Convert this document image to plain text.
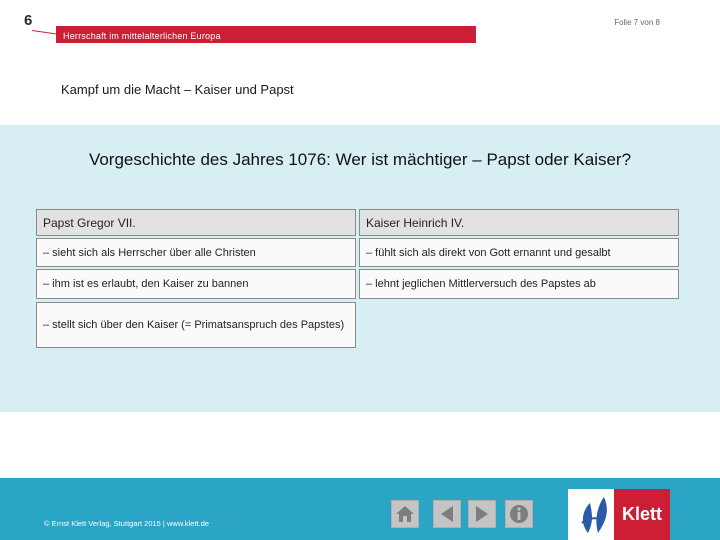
6
Herrschaft im mittelalterlichen Europa
Folie 7 von 8
Kampf um die Macht – Kaiser und Papst
Vorgeschichte des Jahres 1076: Wer ist mächtiger – Papst oder Kaiser?
Papst Gregor VII.	Kaiser Heinrich IV.
– sieht sich als Herrscher über alle Christen	– fühlt sich als direkt von Gott ernannt und gesalbt
– ihm ist es erlaubt, den Kaiser zu bannen	– lehnt jeglichen Mittlerversuch des Papstes ab
– stellt sich über den Kaiser (= Primatsanspruch des Papstes)
© Ernst Klett Verlag, Stuttgart 2015 | www.klett.de	Klett
